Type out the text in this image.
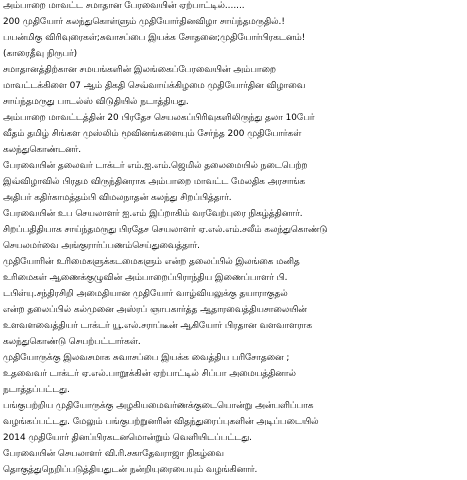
அம்பாறை மாவட்ட சமாதான பேரவையின் ஏற்பாட்டில்.......
200 முதியோர் கலந்துகொள்ளும் முதியோர்தினவிழா சாய்ந்தமருதில்.!
பயன்மிகு விரிவுரைகள்;சுவாசப்பை இயக்க சோதனை;முதியோர்பிரகடனம்!
(காரைதீவு நிருபர்)
சமாதானத்திற்கான சமயங்களின் இலங்கைப்பேரவையின் அம்பாறை
மாவட்டக்கிளை 07 ஆம் திகதி செவ்வாய்க்கிழமை முதியோர்தின விழாவை
சாய்ந்தமருது பாடல்ஸ் விடுதியில் நடாத்தியது.
அம்பாறை மாவட்டத்தின் 20 பிரதேச செயலகப்பிரிவுகளிலிருந்து தலா 10பேர்
வீதம் தமிழ் சிங்கள முஸ்லிம் மூவினங்களையும் சேர்ந்த 200 முதியோர்கள்
கலந்துகொண்டனர்.
பேரவையின் தலைவர் டாக்டர் எம்.ஐ.எம்.ஜெமில் தலைமையில் நடைபெற்ற
இவ்விழாவில் பிரதம விருந்தினராக அம்பாறை மாவட்ட மேலதிக அரசாங்க
அதிபர் கதிர்காமத்தம்பி விமலநாதன் கலந்து சிறப்பித்தார்.
பேரவையின் உப செயலாளர் ஐ.எம் இப்றாகிம் வரவேற்புரை நிகழ்த்தினார்.
சிறப்பதிதியாக சாய்ந்தமருது பிரதேச செயலாளர் ஏ.எல்.எம்.சலீம் கலந்துகொண்டு
செயலமர்வை அங்குரார்ப்பணம்செய்துவைத்தார்.
முதியோரின் உரிமைகளுக்கடமைகளும் என்ற தலைப்பில் இலங்கை மனித
உரிமைகள் ஆணைக்குழுவின் அம்பாறைப்பிராந்திய இணைப்பாளர் பி.
டபிள்யு.சந்திரசிறி அமைதியான முதியோர் வாழ்வியலுக்கு தயாராகுதல்
என்ற தலைப்பில் கல்முனை அஸ்ரப் ஞாபகார்த்த ஆதாரவைத்தியசாலையின்
உளவளவைத்தியர் டாக்டர் யூ.எல்.சராப்டீன் ஆகியோர் பிரதான வளவாளராக
கலந்துகொண்டு செயற்பட்டார்கள்.
முதியோருக்கு இலவசமாக சுவாசப்பை இயக்க வைத்திய பரிசோதனை ;
உதவைவர் டாக்டர் ஏ.எல்.பாறூக்கின் ஏற்பாட்டில் சிப்பா அமையத்தினால்
நடாத்தப்பட்டது.
பங்குபற்றிய முதியோருக்கு அழகியமைவர்ணக்குடையொன்று அன்பளிப்பாக
வழங்கப்பட்டது. மேலும் பங்குபற்றுனரின் விதந்துரைப்புகளின் அடிப்படையில்
2014 முதியோர் தினப்பிரகடனமொன்றும் வெளியிடப்பட்டது.
பேரவையின் செயலாளர் வி.ரி.சகாதேவராஜா நிகழ்வை
தொகுத்துநெறிப்படுத்தியதுடன் நன்றியுரையையும் வழங்கினார்.
